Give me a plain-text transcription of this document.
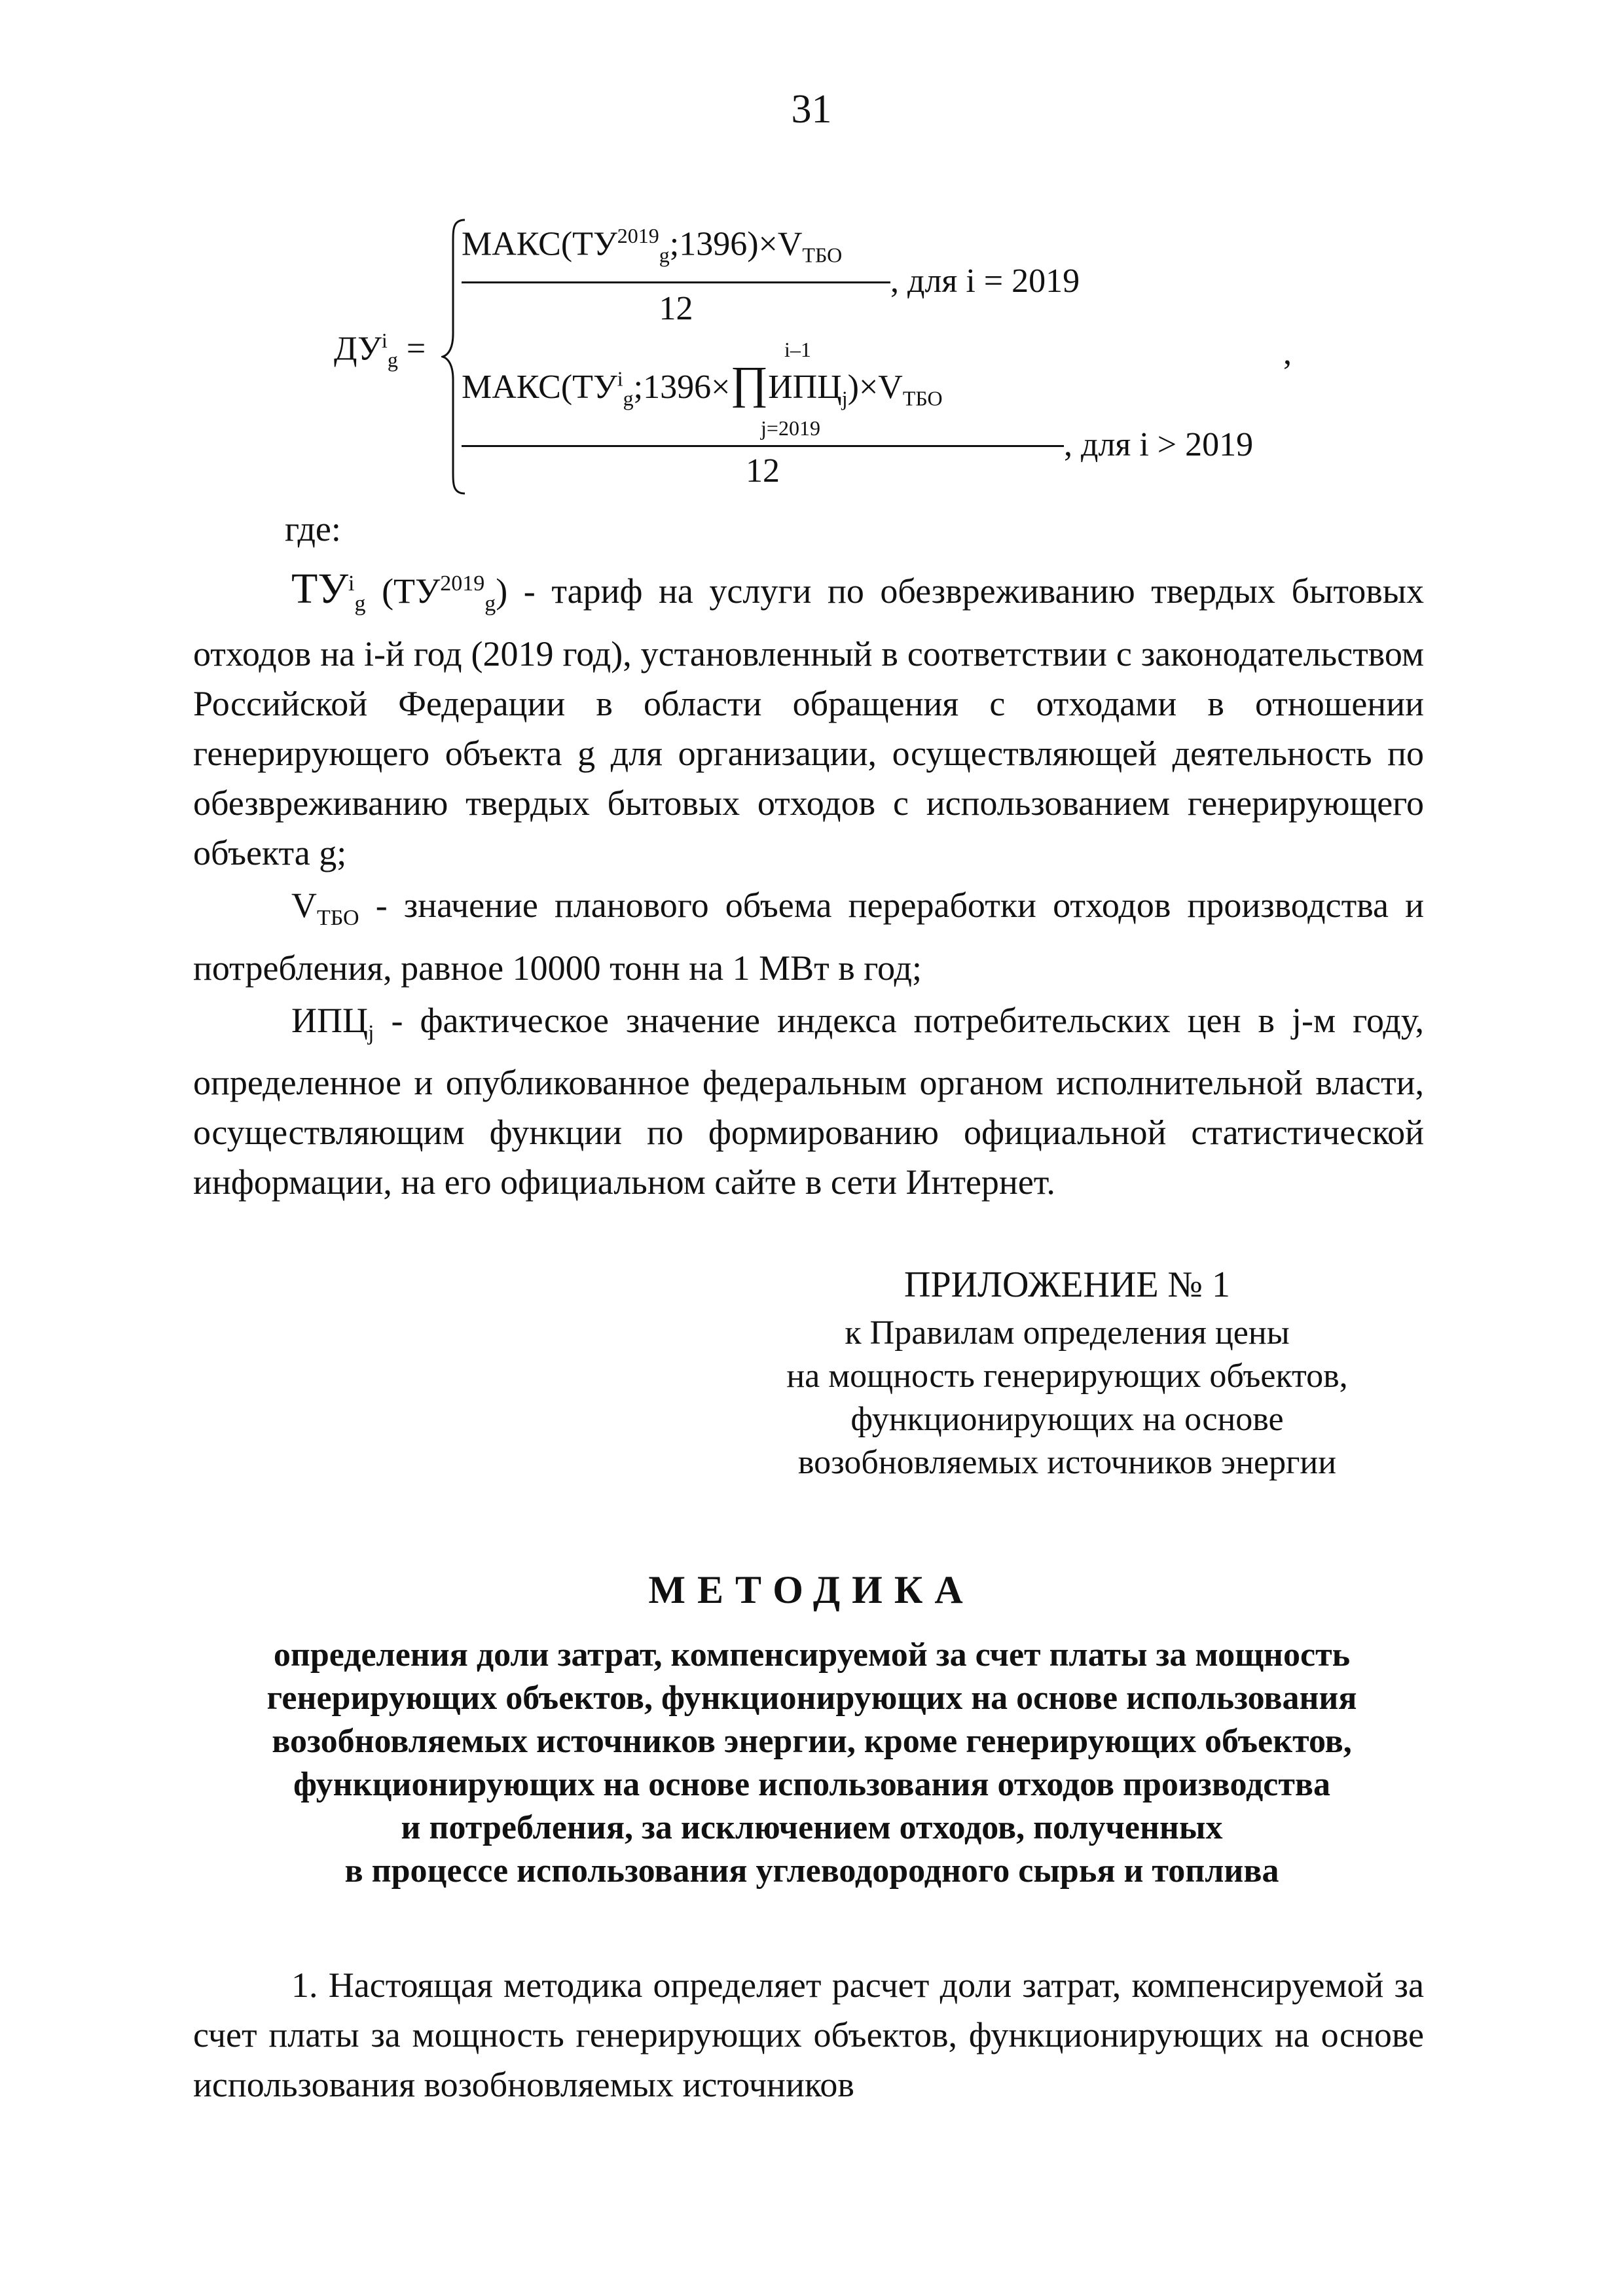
31
$ДУ^i_g$ =
$МАКС(ТУ^{2019}_g;1396)\times V_{ТБО}$
12
, для i = 2019
,
i–1
$МАКС(ТУ^i_g;1396\times\prod ИПЦ_j)\times V_{ТБО}$
j=2019
12
, для i > 2019

где:

$ТУ^i_g$ $(ТУ^{2019}_g)$ - тариф на услуги по обезвреживанию твердых бытовых отходов на i-й год (2019 год), установленный в соответствии с законодательством Российской Федерации в области обращения с отходами в отношении генерирующего объекта g для организации, осуществляющей деятельность по обезвреживанию твердых бытовых отходов с использованием генерирующего объекта g;

$V_{ТБО}$ - значение планового объема переработки отходов производства и потребления, равное 10000 тонн на 1 МВт в год;

$ИПЦ_j$ - фактическое значение индекса потребительских цен в j-м году, определенное и опубликованное федеральным органом исполнительной власти, осуществляющим функции по формированию официальной статистической информации, на его официальном сайте в сети Интернет.

ПРИЛОЖЕНИЕ № 1
к Правилам определения цены
на мощность генерирующих объектов,
функционирующих на основе
возобновляемых источников энергии
МЕТОДИКА
определения доли затрат, компенсируемой за счет платы за мощность
генерирующих объектов, функционирующих на основе использования
возобновляемых источников энергии, кроме генерирующих объектов,
функционирующих на основе использования отходов производства
и потребления, за исключением отходов, полученных
в процессе использования углеводородного сырья и топлива

1. Настоящая методика определяет расчет доли затрат, компенсируемой за счет платы за мощность генерирующих объектов, функционирующих на основе использования возобновляемых источников
